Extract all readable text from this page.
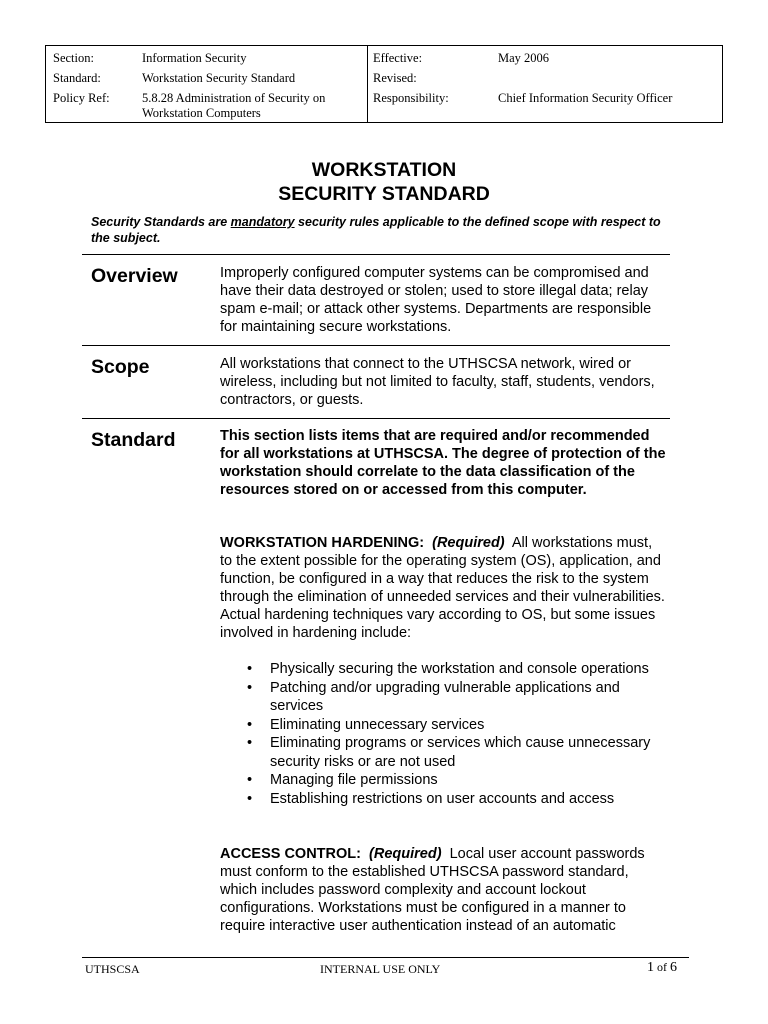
Section:	Information Security
Standard:	Workstation Security Standard
Policy Ref:	5.8.28 Administration of Security on
Workstation Computers
Effective:	May 2006
Revised:
Responsibility:	Chief Information Security Officer
WORKSTATION
SECURITY STANDARD
Security Standards are mandatory security rules applicable to the defined scope with respect to the subject.
Overview	Improperly configured computer systems can be compromised and have their data destroyed or stolen; used to store illegal data; relay spam e-mail; or attack other systems. Departments are responsible for maintaining secure workstations.
Scope	All workstations that connect to the UTHSCSA network, wired or wireless, including but not limited to faculty, staff, students, vendors, contractors, or guests.
Standard	This section lists items that are required and/or recommended for all workstations at UTHSCSA. The degree of protection of the workstation should correlate to the data classification of the resources stored on or accessed from this computer.
WORKSTATION HARDENING: (Required) All workstations must, to the extent possible for the operating system (OS), application, and function, be configured in a way that reduces the risk to the system through the elimination of unneeded services and their vulnerabilities. Actual hardening techniques vary according to OS, but some issues involved in hardening include:
• Physically securing the workstation and console operations
• Patching and/or upgrading vulnerable applications and services
• Eliminating unnecessary services
• Eliminating programs or services which cause unnecessary security risks or are not used
• Managing file permissions
• Establishing restrictions on user accounts and access
ACCESS CONTROL: (Required) Local user account passwords must conform to the established UTHSCSA password standard, which includes password complexity and account lockout configurations. Workstations must be configured in a manner to require interactive user authentication instead of an automatic
UTHSCSA	INTERNAL USE ONLY	1 of 6
